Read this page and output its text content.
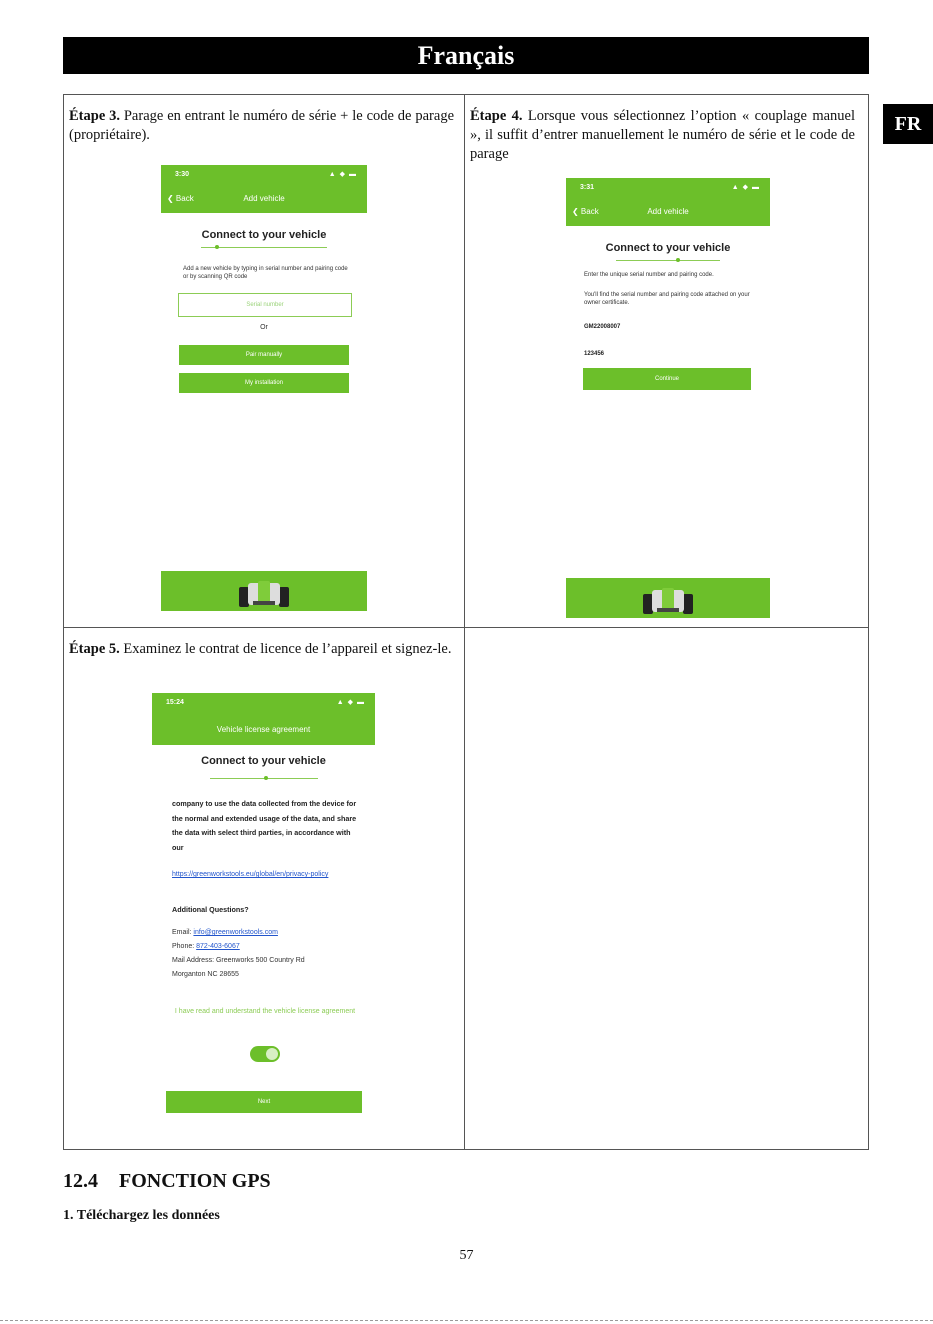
Français
FR
Étape 3. Parage en entrant le numéro de série + le code de parage (propriétaire).
3:30	▲ ◆ ▬
❮ Back	Add vehicle
Connect to your vehicle
Add a new vehicle by typing in serial number and pairing code or by scanning QR code
Serial number
Or
Pair manually
My installation
Étape 4. Lorsque vous sélectionnez l’option « couplage manuel », il suffit d’entrer manuellement le numéro de série et le code de parage
3:31	▲ ◆ ▬
❮ Back	Add vehicle
Connect to your vehicle
Enter the unique serial number and pairing code.
You'll find the serial number and pairing code attached on your owner certificate.
GM22008007
123456
Continue
Étape 5. Examinez le contrat de licence de l’appareil et signez-le.
15:24	▲ ◆ ▬
Vehicle license agreement
Connect to your vehicle
company to use the data collected from the device for the normal and extended usage of the data, and share the data with select third parties, in accordance with our
https://greenworkstools.eu/global/en/privacy-policy
Additional Questions?
Email: info@greenworkstools.com
Phone: 872-403-6067
Mail Address: Greenworks 500 Country Rd
Morganton NC 28655
I have read and understand the vehicle license agreement
Next
12.4 FONCTION GPS
1. Téléchargez les données
57
